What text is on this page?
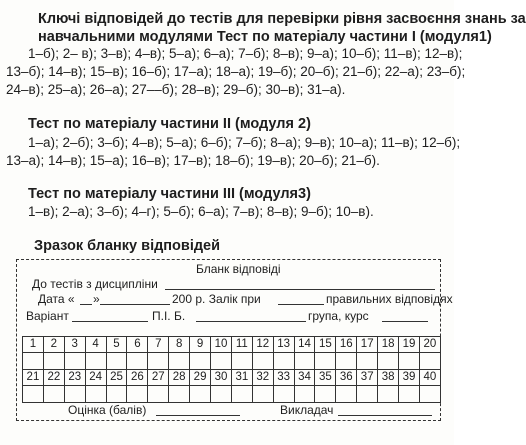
Ключі відповідей до тестів для перевірки рівня засвоєння знань за
навчальними модулями Тест по матеріалу частини I (модуля1)
1–б); 2– в); 3–в); 4–в); 5–а); 6–а); 7–б); 8–в); 9–а); 10–б); 11–в); 12–в);
13–б); 14–в); 15–в); 16–б); 17–а); 18–а); 19–б); 20–б); 21–б); 22–а); 23–б);
24–в); 25–а); 26–а); 27––б); 28–в); 29–б); 30–в); 31–а).
Тест по матеріалу частини II (модуля 2)
1–а); 2–б); 3–б); 4–в); 5–а); 6–б); 7–б); 8–а); 9–в); 10–а); 11–в); 12–б);
13–а); 14–в); 15–а); 16–в); 17–в); 18–б); 19–в); 20–б); 21–б).
Тест по матеріалу частини III (модуля3)
1–в); 2–а); 3–б); 4–г); 5–б); 6–а); 7–в); 8–в); 9–б); 10–в).
Зразок бланку відповідей
Бланк відповіді
До тестів з дисципліни
Дата « »	200 р. Залік при	правильних відповідях
Варіант	П.І. Б.	група, курс
1	2	3	4	5	6	7	8	9	10	11	12	13	14	15	16	17	18	19	20

21	22	23	24	25	26	27	28	29	30	31	32	33	34	35	36	37	38	39	40

Оцінка (балів)	Викладач
